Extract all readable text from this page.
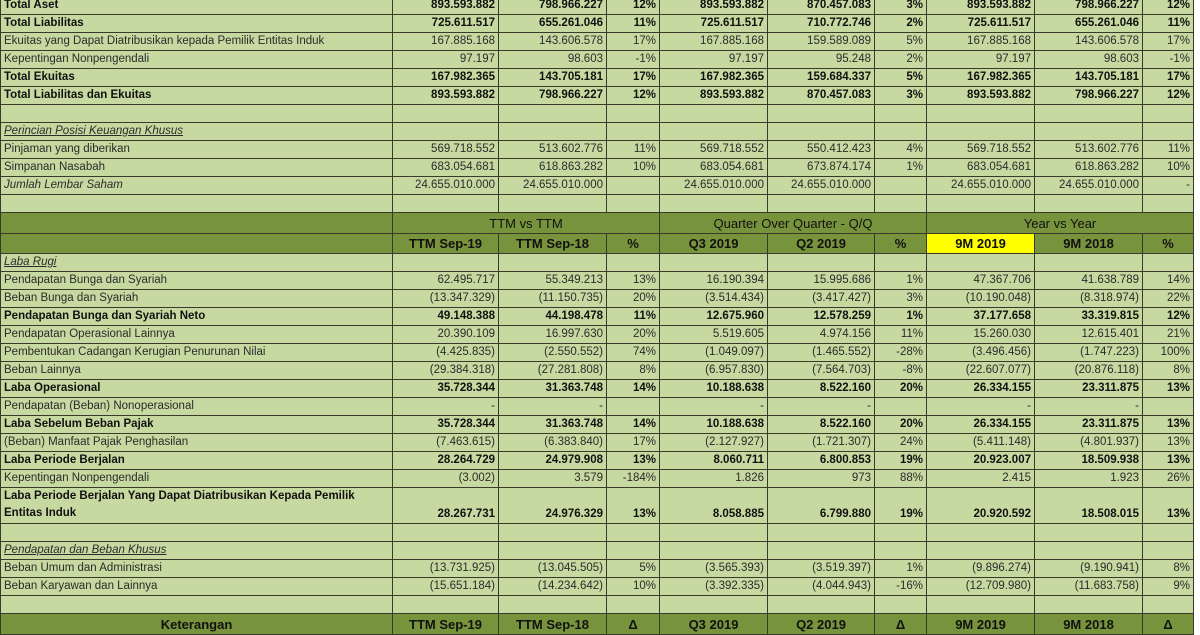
Total Aset	893.593.882	798.966.227	12%	893.593.882	870.457.083	3%	893.593.882	798.966.227	12%
Total Liabilitas	725.611.517	655.261.046	11%	725.611.517	710.772.746	2%	725.611.517	655.261.046	11%
Ekuitas yang Dapat Diatribusikan kepada Pemilik Entitas Induk	167.885.168	143.606.578	17%	167.885.168	159.589.089	5%	167.885.168	143.606.578	17%
Kepentingan Nonpengendali	97.197	98.603	-1%	97.197	95.248	2%	97.197	98.603	-1%
Total Ekuitas	167.982.365	143.705.181	17%	167.982.365	159.684.337	5%	167.982.365	143.705.181	17%
Total Liabilitas dan Ekuitas	893.593.882	798.966.227	12%	893.593.882	870.457.083	3%	893.593.882	798.966.227	12%

Perincian Posisi Keuangan Khusus									
Pinjaman yang diberikan	569.718.552	513.602.776	11%	569.718.552	550.412.423	4%	569.718.552	513.602.776	11%
Simpanan Nasabah	683.054.681	618.863.282	10%	683.054.681	673.874.174	1%	683.054.681	618.863.282	10%
Jumlah Lembar Saham	24.655.010.000	24.655.010.000		24.655.010.000	24.655.010.000		24.655.010.000	24.655.010.000	-

	TTM vs TTM			Quarter Over Quarter - Q/Q			Year vs Year		
	TTM Sep-19	TTM Sep-18	%	Q3 2019	Q2 2019	%	9M 2019	9M 2018	%
Laba Rugi									
Pendapatan Bunga dan Syariah	62.495.717	55.349.213	13%	16.190.394	15.995.686	1%	47.367.706	41.638.789	14%
Beban Bunga dan Syariah	(13.347.329)	(11.150.735)	20%	(3.514.434)	(3.417.427)	3%	(10.190.048)	(8.318.974)	22%
Pendapatan Bunga dan Syariah Neto	49.148.388	44.198.478	11%	12.675.960	12.578.259	1%	37.177.658	33.319.815	12%
Pendapatan Operasional Lainnya	20.390.109	16.997.630	20%	5.519.605	4.974.156	11%	15.260.030	12.615.401	21%
Pembentukan Cadangan Kerugian Penurunan Nilai	(4.425.835)	(2.550.552)	74%	(1.049.097)	(1.465.552)	-28%	(3.496.456)	(1.747.223)	100%
Beban Lainnya	(29.384.318)	(27.281.808)	8%	(6.957.830)	(7.564.703)	-8%	(22.607.077)	(20.876.118)	8%
Laba Operasional	35.728.344	31.363.748	14%	10.188.638	8.522.160	20%	26.334.155	23.311.875	13%
Pendapatan (Beban) Nonoperasional	-	-		-	-		-	-	
Laba Sebelum Beban Pajak	35.728.344	31.363.748	14%	10.188.638	8.522.160	20%	26.334.155	23.311.875	13%
(Beban) Manfaat Pajak Penghasilan	(7.463.615)	(6.383.840)	17%	(2.127.927)	(1.721.307)	24%	(5.411.148)	(4.801.937)	13%
Laba Periode Berjalan	28.264.729	24.979.908	13%	8.060.711	6.800.853	19%	20.923.007	18.509.938	13%
Kepentingan Nonpengendali	(3.002)	3.579	-184%	1.826	973	88%	2.415	1.923	26%
Laba Periode Berjalan Yang Dapat Diatribusikan Kepada Pemilik Entitas Induk	28.267.731	24.976.329	13%	8.058.885	6.799.880	19%	20.920.592	18.508.015	13%

Pendapatan dan Beban Khusus									
Beban Umum dan Administrasi	(13.731.925)	(13.045.505)	5%	(3.565.393)	(3.519.397)	1%	(9.896.274)	(9.190.941)	8%
Beban Karyawan dan Lainnya	(15.651.184)	(14.234.642)	10%	(3.392.335)	(4.044.943)	-16%	(12.709.980)	(11.683.758)	9%

Keterangan	TTM Sep-19	TTM Sep-18	Δ	Q3 2019	Q2 2019	Δ	9M 2019	9M 2018	Δ
